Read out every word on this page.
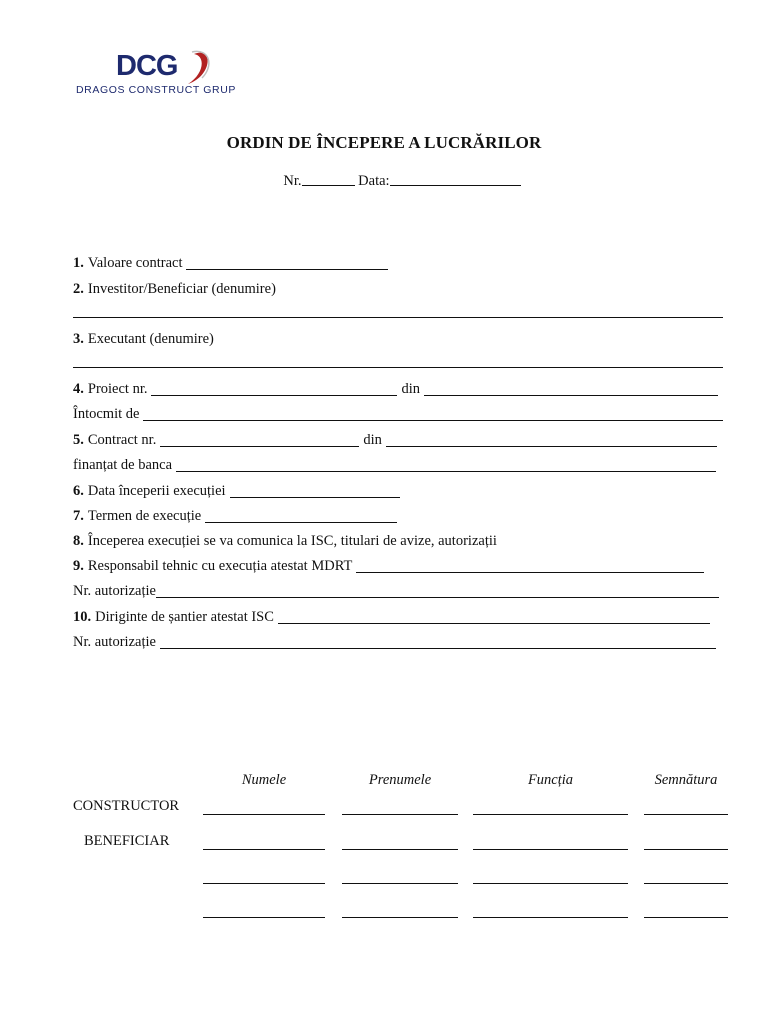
DCG
DRAGOS CONSTRUCT GRUP
ORDIN DE ÎNCEPERE A LUCRĂRILOR
Nr.	Data:
1. Valoare contract
2. Investitor/Beneficiar (denumire)
3. Executant (denumire)
4. Proiect nr.	din
Întocmit de
5. Contract nr.	din
finanțat de banca
6. Data începerii execuției
7. Termen de execuție
8. Începerea execuției se va comunica la ISC, titulari de avize, autorizații
9. Responsabil tehnic cu execuția atestat MDRT
Nr. autorizație
10. Diriginte de șantier atestat ISC
Nr. autorizație
Numele	Prenumele	Funcția	Semnătura
CONSTRUCTOR
BENEFICIAR
